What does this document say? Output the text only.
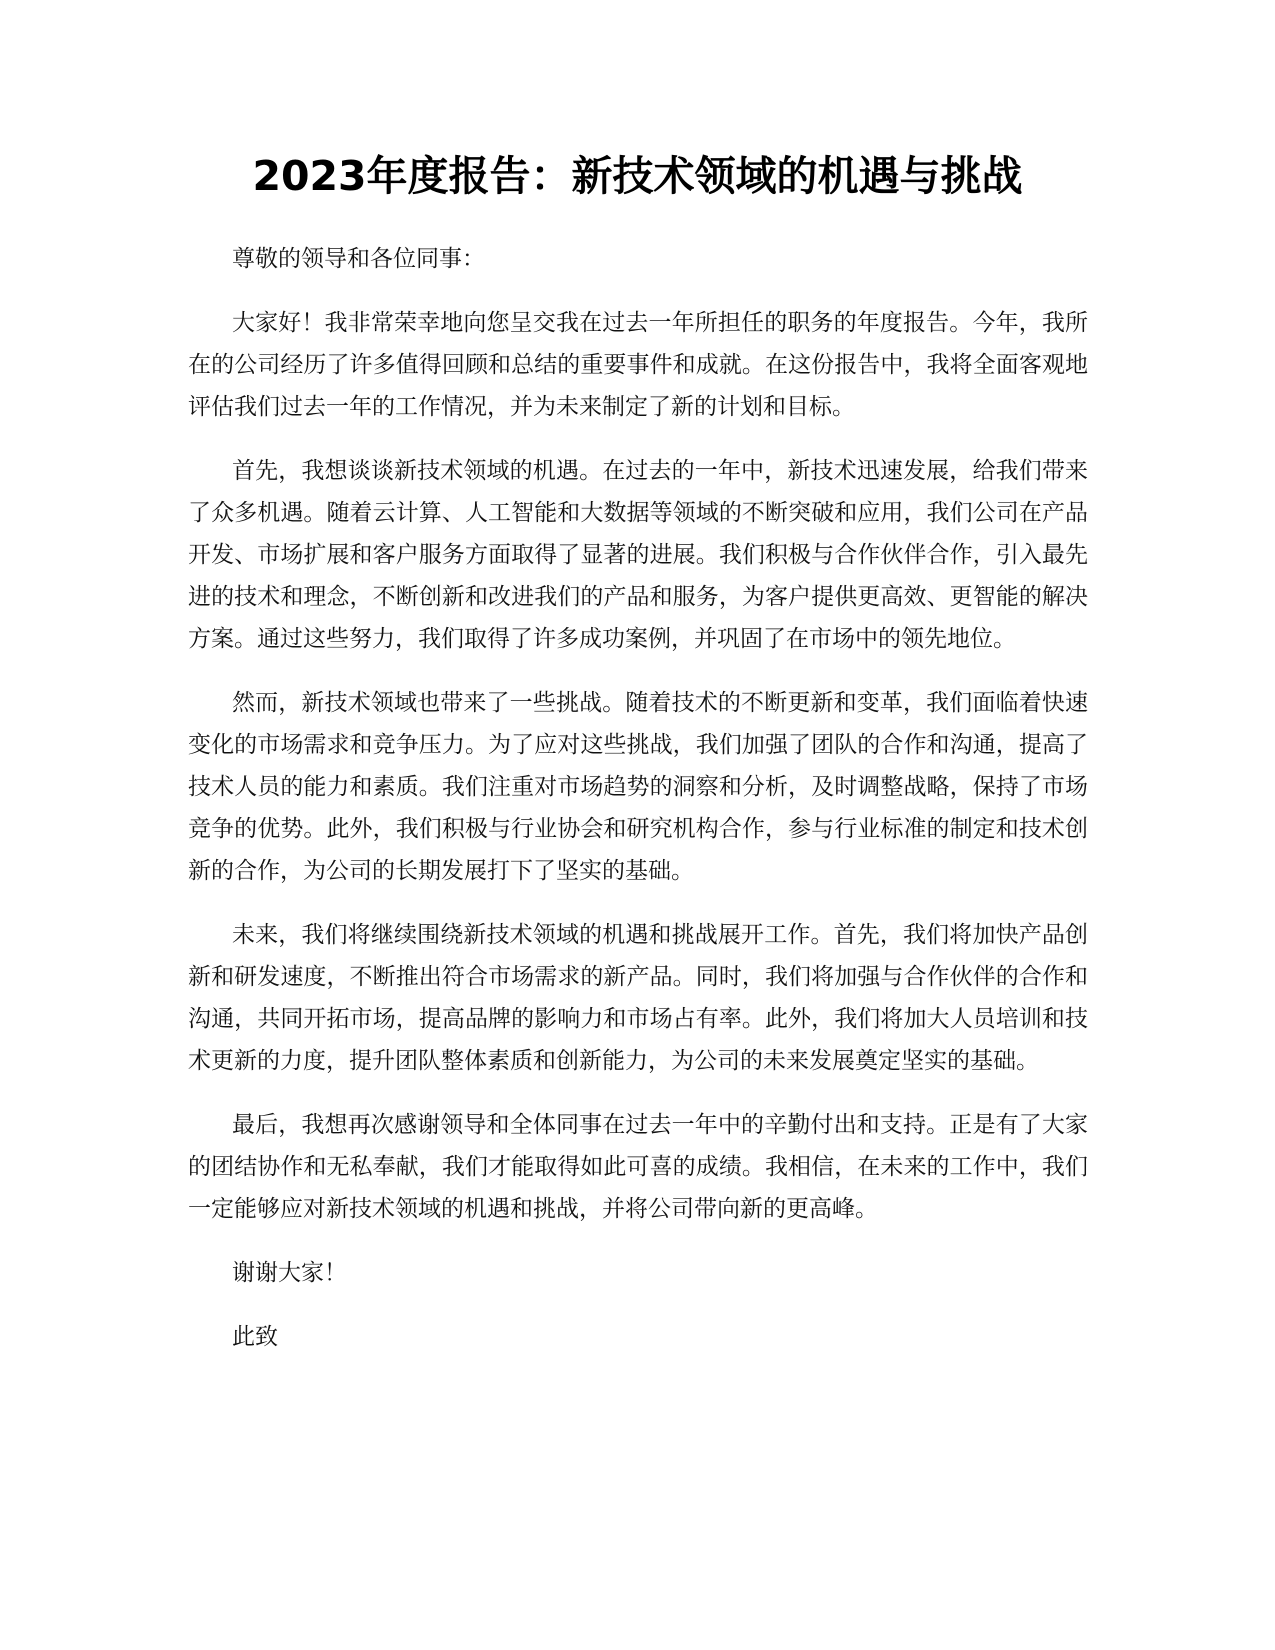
2023年度报告：新技术领域的机遇与挑战

尊敬的领导和各位同事：

大家好！我非常荣幸地向您呈交我在过去一年所担任的职务的年度报告。今年，我所在的公司经历了许多值得回顾和总结的重要事件和成就。在这份报告中，我将全面客观地评估我们过去一年的工作情况，并为未来制定了新的计划和目标。

首先，我想谈谈新技术领域的机遇。在过去的一年中，新技术迅速发展，给我们带来了众多机遇。随着云计算、人工智能和大数据等领域的不断突破和应用，我们公司在产品开发、市场扩展和客户服务方面取得了显著的进展。我们积极与合作伙伴合作，引入最先进的技术和理念，不断创新和改进我们的产品和服务，为客户提供更高效、更智能的解决方案。通过这些努力，我们取得了许多成功案例，并巩固了在市场中的领先地位。

然而，新技术领域也带来了一些挑战。随着技术的不断更新和变革，我们面临着快速变化的市场需求和竞争压力。为了应对这些挑战，我们加强了团队的合作和沟通，提高了技术人员的能力和素质。我们注重对市场趋势的洞察和分析，及时调整战略，保持了市场竞争的优势。此外，我们积极与行业协会和研究机构合作，参与行业标准的制定和技术创新的合作，为公司的长期发展打下了坚实的基础。

未来，我们将继续围绕新技术领域的机遇和挑战展开工作。首先，我们将加快产品创新和研发速度，不断推出符合市场需求的新产品。同时，我们将加强与合作伙伴的合作和沟通，共同开拓市场，提高品牌的影响力和市场占有率。此外，我们将加大人员培训和技术更新的力度，提升团队整体素质和创新能力，为公司的未来发展奠定坚实的基础。

最后，我想再次感谢领导和全体同事在过去一年中的辛勤付出和支持。正是有了大家的团结协作和无私奉献，我们才能取得如此可喜的成绩。我相信，在未来的工作中，我们一定能够应对新技术领域的机遇和挑战，并将公司带向新的更高峰。

谢谢大家！

此致
